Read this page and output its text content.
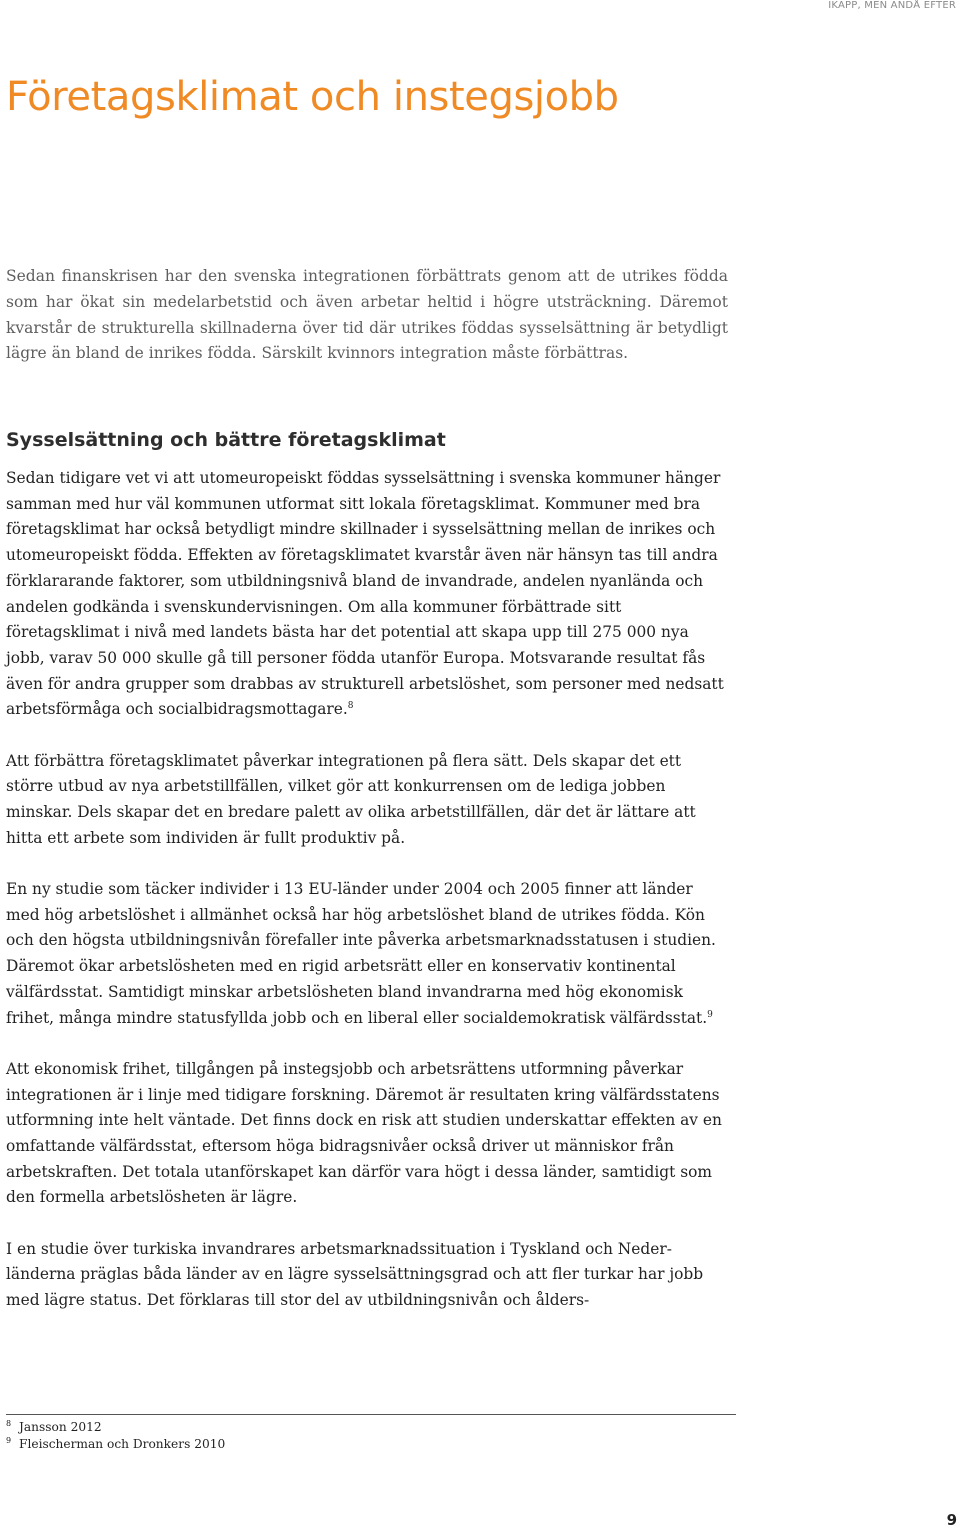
IKAPP, MEN ÄNDÅ EFTER
Företagsklimat och instegsjobb

Sedan finanskrisen har den svenska integrationen förbättrats genom att de utrikes födda som har ökat sin medelarbetstid och även arbetar heltid i högre utsträckning. Däremot kvarstår de strukturella skillnaderna över tid där utrikes föddas sysselsättning är betydligt lägre än bland de inrikes födda. Särskilt kvinnors integration måste förbättras.

Sysselsättning och bättre företagsklimat

Sedan tidigare vet vi att utomeuropeiskt föddas sysselsättning i svenska kommuner hänger samman med hur väl kommunen utformat sitt lokala företagsklimat. Kommuner med bra företagsklimat har också betydligt mindre skillnader i sysselsättning mellan de inrikes och utomeuropeiskt födda. Effekten av företagsklimatet kvarstår även när hänsyn tas till andra förklararande faktorer, som utbildningsnivå bland de invandrade, andelen nyanlända och andelen godkända i svenskundervisningen. Om alla kommuner förbättrade sitt företagsklimat i nivå med landets bästa har det potential att skapa upp till 275 000 nya jobb, varav 50 000 skulle gå till personer födda utanför Europa. Motsvarande resultat fås även för andra grupper som drabbas av strukturell arbetslöshet, som personer med nedsatt arbetsförmåga och socialbidragsmottagare.$^8$

Att förbättra företagsklimatet påverkar integrationen på flera sätt. Dels skapar det ett större utbud av nya arbetstillfällen, vilket gör att konkurrensen om de lediga jobben minskar. Dels skapar det en bredare palett av olika arbetstillfällen, där det är lättare att hitta ett arbete som individen är fullt produktiv på.

En ny studie som täcker individer i 13 EU-länder under 2004 och 2005 finner att länder med hög arbetslöshet i allmänhet också har hög arbetslöshet bland de utrikes födda. Kön och den högsta utbildningsnivån förefaller inte påverka arbetsmarknadsstatusen i studien. Däremot ökar arbetslösheten med en rigid arbetsrätt eller en konservativ kontinental välfärdsstat. Samtidigt minskar arbetslösheten bland invandrarna med hög ekonomisk frihet, många mindre statusfyllda jobb och en liberal eller socialdemokratisk välfärdsstat.$^9$

Att ekonomisk frihet, tillgången på instegsjobb och arbetsrättens utformning påverkar integrationen är i linje med tidigare forskning. Däremot är resultaten kring välfärdsstatens utformning inte helt väntade. Det finns dock en risk att studien underskattar effekten av en omfattande välfärdsstat, eftersom höga bidragsnivåer också driver ut människor från arbetskraften. Det totala utanförskapet kan därför vara högt i dessa länder, samtidigt som den formella arbetslösheten är lägre.

I en studie över turkiska invandrares arbetsmarknadssituation i Tyskland och Nederländerna präglas båda länder av en lägre sysselsättningsgrad och att fler turkar har jobb med lägre status. Det förklaras till stor del av utbildningsnivån och ålders-

8 Jansson 2012
9 Fleischerman och Dronkers 2010
9
